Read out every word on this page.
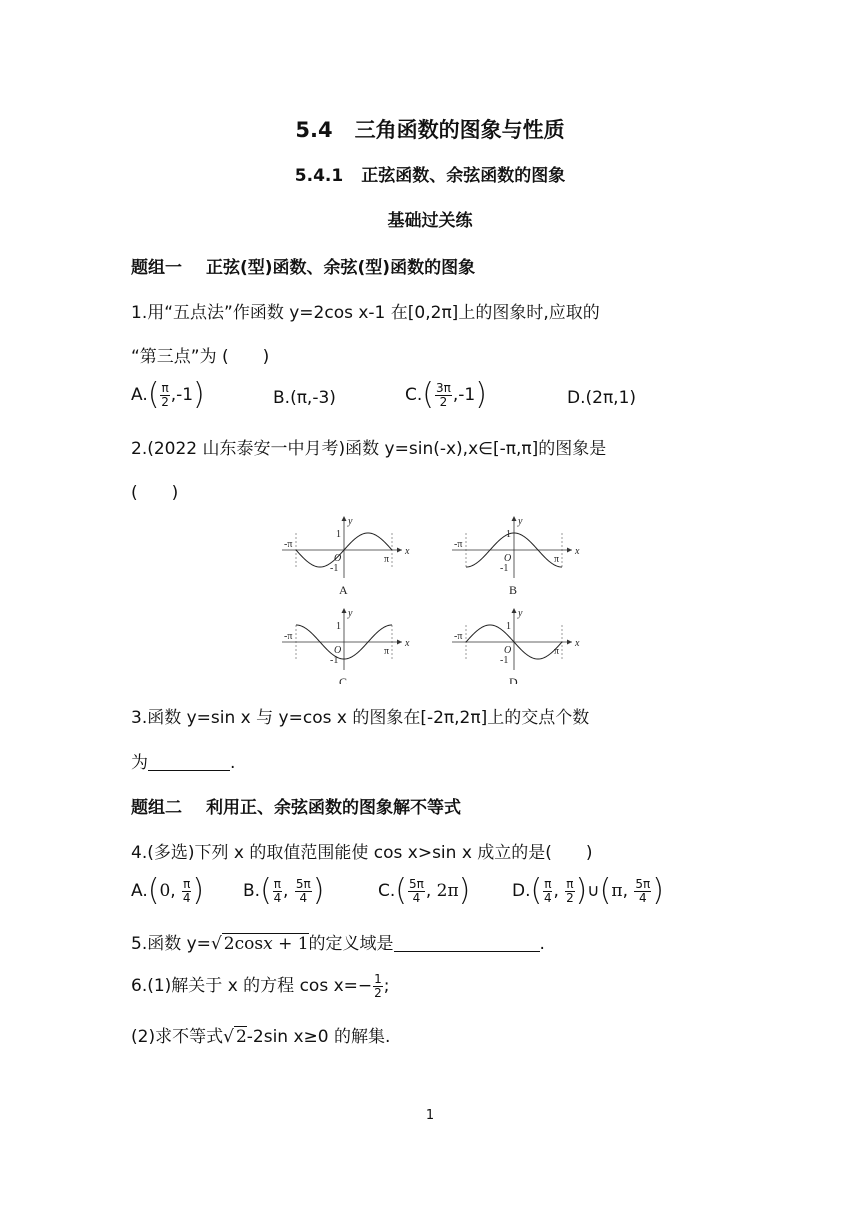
5.4 三角函数的图象与性质
5.4.1 正弦函数、余弦函数的图象
基础过关练
题组一 正弦(型)函数、余弦(型)函数的图象
1.用“五点法”作函数 y=2cos x-1 在[0,2π]上的图象时,应取的
“第三点”为 (　　)
$A.( \frac{\pi}{2} ,-1)$	B.(π,-3)	$C.( \frac{3\pi}{2} ,-1)$	D.(2π,1)
2.(2022 山东泰安一中月考)函数 y=sin(-x),x∈[-π,π]的图象是
(　　)
-π
π
1
-1
O
x
y
A
-π
π
1
-1
O
x
y
B
-π
π
1
-1
O
x
y
C
-π
π
1
-1
O
x
y
D
3.函数 y=sin x 与 y=cos x 的图象在[-2π,2π]上的交点个数
为	.
题组二 利用正、余弦函数的图象解不等式
4.(多选)下列 x 的取值范围能使 cos x>sin x 成立的是(　　)
A.(0, $\frac{\pi}{4}$ ) $B.( \frac{\pi}{4}$ , $\frac{5\pi}{4}$ )	$C.( \frac{5\pi}{4}$ , 2π) $D.( \frac{\pi}{4}$ , $\frac{\pi}{2}$ )∪(π, $\frac{5\pi}{4}$ )
5.函数 y=√ 2cos𝑥 + 1的定义域是	.
6.(1)解关于 x 的方程 $\cos x=- \frac{1}{2}$ ;
(2)求不等式√ 2-2sin x≥0 的解集.
1
